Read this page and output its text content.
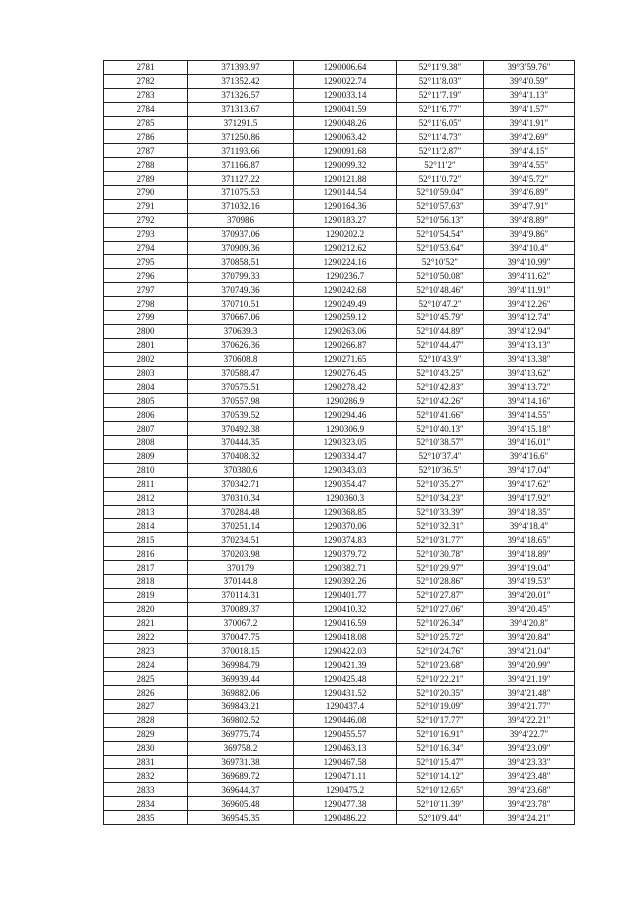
2781	371393.97	1290006.64	52°11′9.38″	39°3′59.76″
2782	371352.42	1290022.74	52°11′8.03″	39°4′0.59″
2783	371326.57	1290033.14	52°11′7.19″	39°4′1.13″
2784	371313.67	1290041.59	52°11′6.77″	39°4′1.57″
2785	371291.5	1290048.26	52°11′6.05″	39°4′1.91″
2786	371250.86	1290063.42	52°11′4.73″	39°4′2.69″
2787	371193.66	1290091.68	52°11′2.87″	39°4′4.15″
2788	371166.87	1290099.32	52°11′2″	39°4′4.55″
2789	371127.22	1290121.88	52°11′0.72″	39°4′5.72″
2790	371075.53	1290144.54	52°10′59.04″	39°4′6.89″
2791	371032.16	1290164.36	52°10′57.63″	39°4′7.91″
2792	370986	1290183.27	52°10′56.13″	39°4′8.89″
2793	370937.06	1290202.2	52°10′54.54″	39°4′9.86″
2794	370909.36	1290212.62	52°10′53.64″	39°4′10.4″
2795	370858.51	1290224.16	52°10′52″	39°4′10.99″
2796	370799.33	1290236.7	52°10′50.08″	39°4′11.62″
2797	370749.36	1290242.68	52°10′48.46″	39°4′11.91″
2798	370710.51	1290249.49	52°10′47.2″	39°4′12.26″
2799	370667.06	1290259.12	52°10′45.79″	39°4′12.74″
2800	370639.3	1290263.06	52°10′44.89″	39°4′12.94″
2801	370626.36	1290266.87	52°10′44.47″	39°4′13.13″
2802	370608.8	1290271.65	52°10′43.9″	39°4′13.38″
2803	370588.47	1290276.45	52°10′43.25″	39°4′13.62″
2804	370575.51	1290278.42	52°10′42.83″	39°4′13.72″
2805	370557.98	1290286.9	52°10′42.26″	39°4′14.16″
2806	370539.52	1290294.46	52°10′41.66″	39°4′14.55″
2807	370492.38	1290306.9	52°10′40.13″	39°4′15.18″
2808	370444.35	1290323.05	52°10′38.57″	39°4′16.01″
2809	370408.32	1290334.47	52°10′37.4″	39°4′16.6″
2810	370380.6	1290343.03	52°10′36.5″	39°4′17.04″
2811	370342.71	1290354.47	52°10′35.27″	39°4′17.62″
2812	370310.34	1290360.3	52°10′34.23″	39°4′17.92″
2813	370284.48	1290368.85	52°10′33.39″	39°4′18.35″
2814	370251.14	1290370.06	52°10′32.31″	39°4′18.4″
2815	370234.51	1290374.83	52°10′31.77″	39°4′18.65″
2816	370203.98	1290379.72	52°10′30.78″	39°4′18.89″
2817	370179	1290382.71	52°10′29.97″	39°4′19.04″
2818	370144.8	1290392.26	52°10′28.86″	39°4′19.53″
2819	370114.31	1290401.77	52°10′27.87″	39°4′20.01″
2820	370089.37	1290410.32	52°10′27.06″	39°4′20.45″
2821	370067.2	1290416.59	52°10′26.34″	39°4′20.8″
2822	370047.75	1290418.08	52°10′25.72″	39°4′20.84″
2823	370018.15	1290422.03	52°10′24.76″	39°4′21.04″
2824	369984.79	1290421.39	52°10′23.68″	39°4′20.99″
2825	369939.44	1290425.48	52°10′22.21″	39°4′21.19″
2826	369882.06	1290431.52	52°10′20.35″	39°4′21.48″
2827	369843.21	1290437.4	52°10′19.09″	39°4′21.77″
2828	369802.52	1290446.08	52°10′17.77″	39°4′22.21″
2829	369775.74	1290455.57	52°10′16.91″	39°4′22.7″
2830	369758.2	1290463.13	52°10′16.34″	39°4′23.09″
2831	369731.38	1290467.58	52°10′15.47″	39°4′23.33″
2832	369689.72	1290471.11	52°10′14.12″	39°4′23.48″
2833	369644.37	1290475.2	52°10′12.65″	39°4′23.68″
2834	369605.48	1290477.38	52°10′11.39″	39°4′23.78″
2835	369545.35	1290486.22	52°10′9.44″	39°4′24.21″
